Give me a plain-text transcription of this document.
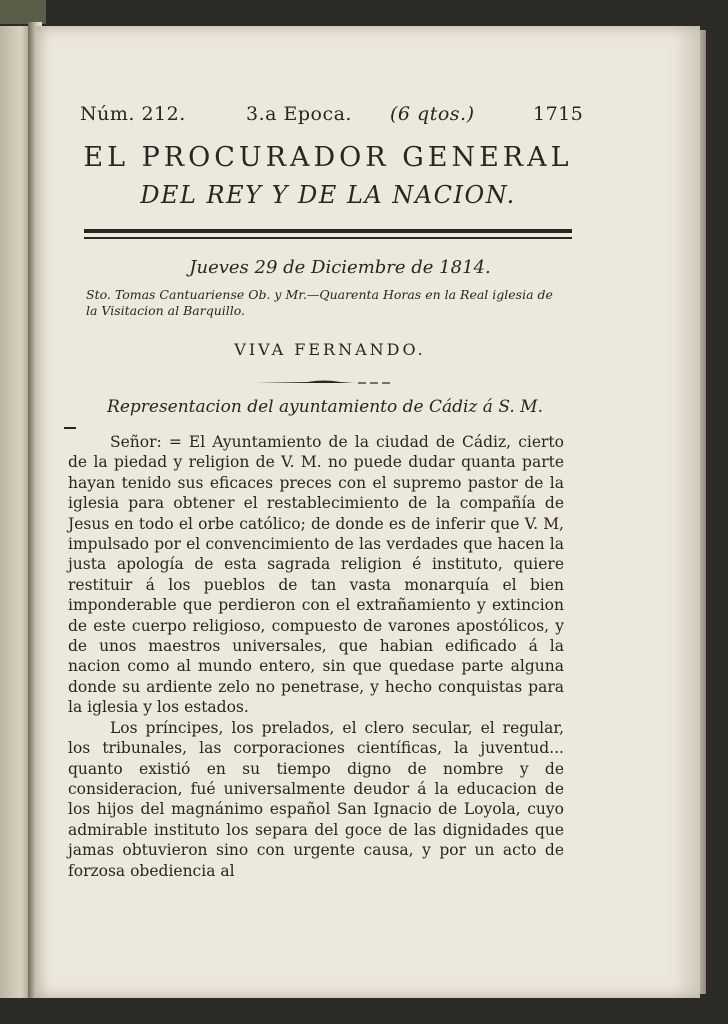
Núm. 212.	3.a Epoca. (6 qtos.)	1715
EL PROCURADOR GENERAL
DEL REY Y DE LA NACION.
Jueves 29 de Diciembre de 1814.
Sto. Tomas Cantuariense Ob. y Mr.—Quarenta Horas en la Real iglesia de la Visitacion al Barquillo.
VIVA FERNANDO.
Representacion del ayuntamiento de Cádiz á S. M.

Señor: = El Ayuntamiento de la ciudad de Cádiz, cierto de la piedad y religion de V. M. no puede dudar quanta parte hayan tenido sus eficaces preces con el supremo pastor de la iglesia para obtener el restablecimiento de la compañía de Jesus en todo el orbe católico; de donde es de inferir que V. M, impulsado por el convencimiento de las verdades que hacen la justa apología de esta sagrada religion é instituto, quiere restituir á los pueblos de tan vasta monarquía el bien imponderable que perdieron con el extrañamiento y extincion de este cuerpo religioso, compuesto de varones apostólicos, y de unos maestros universales, que habian edificado á la nacion como al mundo entero, sin que quedase parte alguna donde su ardiente zelo no penetrase, y hecho conquistas para la iglesia y los estados.

Los príncipes, los prelados, el clero secular, el regular, los tribunales, las corporaciones científicas, la juventud... quanto existió en su tiempo digno de nombre y de consideracion, fué universalmente deudor á la educacion de los hijos del magnánimo español San Ignacio de Loyola, cuyo admirable instituto los separa del goce de las dignidades que jamas obtuvieron sino con urgente causa, y por un acto de forzosa obediencia al
